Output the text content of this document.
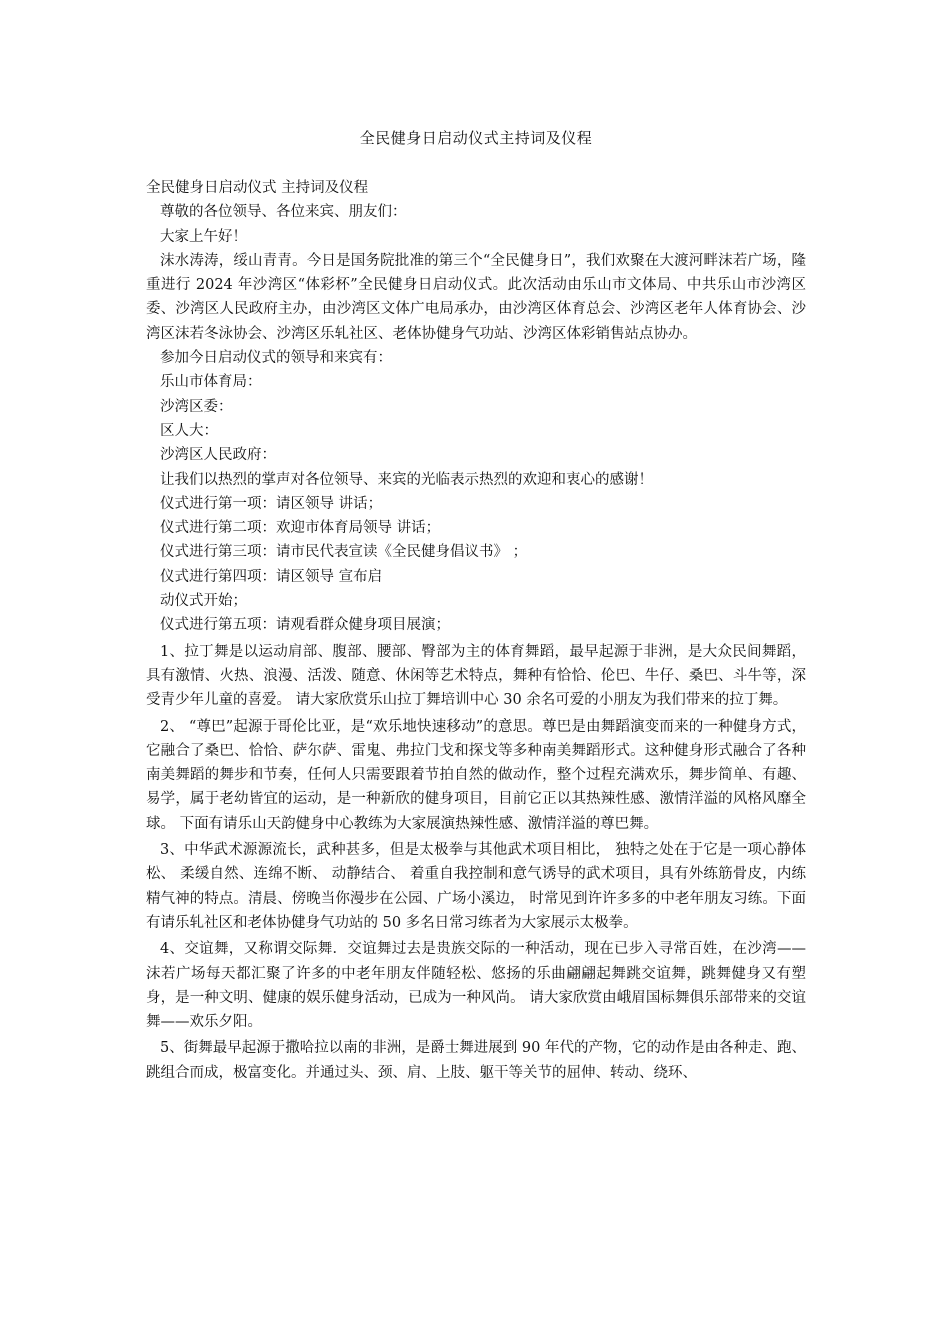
全民健身日启动仪式主持词及仪程

全民健身日启动仪式 主持词及仪程

尊敬的各位领导、各位来宾、朋友们：

大家上午好！

沫水涛涛，绥山青青。今日是国务院批准的第三个“全民健身日”，我们欢聚在大渡河畔沫若广场，隆重进行 2024 年沙湾区“体彩杯”全民健身日启动仪式。此次活动由乐山市文体局、中共乐山市沙湾区委、沙湾区人民政府主办，由沙湾区文体广电局承办，由沙湾区体育总会、沙湾区老年人体育协会、沙湾区沫若冬泳协会、沙湾区乐轧社区、老体协健身气功站、沙湾区体彩销售站点协办。

参加今日启动仪式的领导和来宾有：

乐山市体育局：

沙湾区委：

区人大：

沙湾区人民政府：

让我们以热烈的掌声对各位领导、来宾的光临表示热烈的欢迎和衷心的感谢！

仪式进行第一项：请区领导 讲话；

仪式进行第二项：欢迎市体育局领导 讲话；

仪式进行第三项：请市民代表宣读《全民健身倡议书》 ；

仪式进行第四项：请区领导 宣布启

动仪式开始；

仪式进行第五项：请观看群众健身项目展演；

1、拉丁舞是以运动肩部、腹部、腰部、臀部为主的体育舞蹈，最早起源于非洲，是大众民间舞蹈，具有激情、火热、浪漫、活泼、随意、休闲等艺术特点，舞种有恰恰、伦巴、牛仔、桑巴、斗牛等，深受青少年儿童的喜爱。 请大家欣赏乐山拉丁舞培训中心 30 余名可爱的小朋友为我们带来的拉丁舞。

2、 “尊巴”起源于哥伦比亚，是“欢乐地快速移动”的意思。尊巴是由舞蹈演变而来的一种健身方式，它融合了桑巴、恰恰、萨尔萨、雷鬼、弗拉门戈和探戈等多种南美舞蹈形式。这种健身形式融合了各种南美舞蹈的舞步和节奏，任何人只需要跟着节拍自然的做动作，整个过程充满欢乐，舞步简单、有趣、易学，属于老幼皆宜的运动，是一种新欣的健身项目，目前它正以其热辣性感、激情洋溢的风格风靡全球。 下面有请乐山天韵健身中心教练为大家展演热辣性感、激情洋溢的尊巴舞。

3、中华武术源源流长，武种甚多，但是太极拳与其他武术项目相比， 独特之处在于它是一项心静体松、 柔缓自然、连绵不断、 动静结合、 着重自我控制和意气诱导的武术项目，具有外练筋骨皮，内练精气神的特点。清晨、傍晚当你漫步在公园、广场小溪边， 时常见到许许多多的中老年朋友习练。下面有请乐轧社区和老体协健身气功站的 50 多名日常习练者为大家展示太极拳。

4、交谊舞，又称谓交际舞．交谊舞过去是贵族交际的一种活动，现在已步入寻常百姓，在沙湾——沫若广场每天都汇聚了许多的中老年朋友伴随轻松、悠扬的乐曲翩翩起舞跳交谊舞，跳舞健身又有塑身，是一种文明、健康的娱乐健身活动，已成为一种风尚。 请大家欣赏由峨眉国标舞俱乐部带来的交谊舞——欢乐夕阳。

5、街舞最早起源于撒哈拉以南的非洲，是爵士舞进展到 90 年代的产物，它的动作是由各种走、跑、跳组合而成，极富变化。并通过头、颈、肩、上肢、躯干等关节的屈伸、转动、绕环、
